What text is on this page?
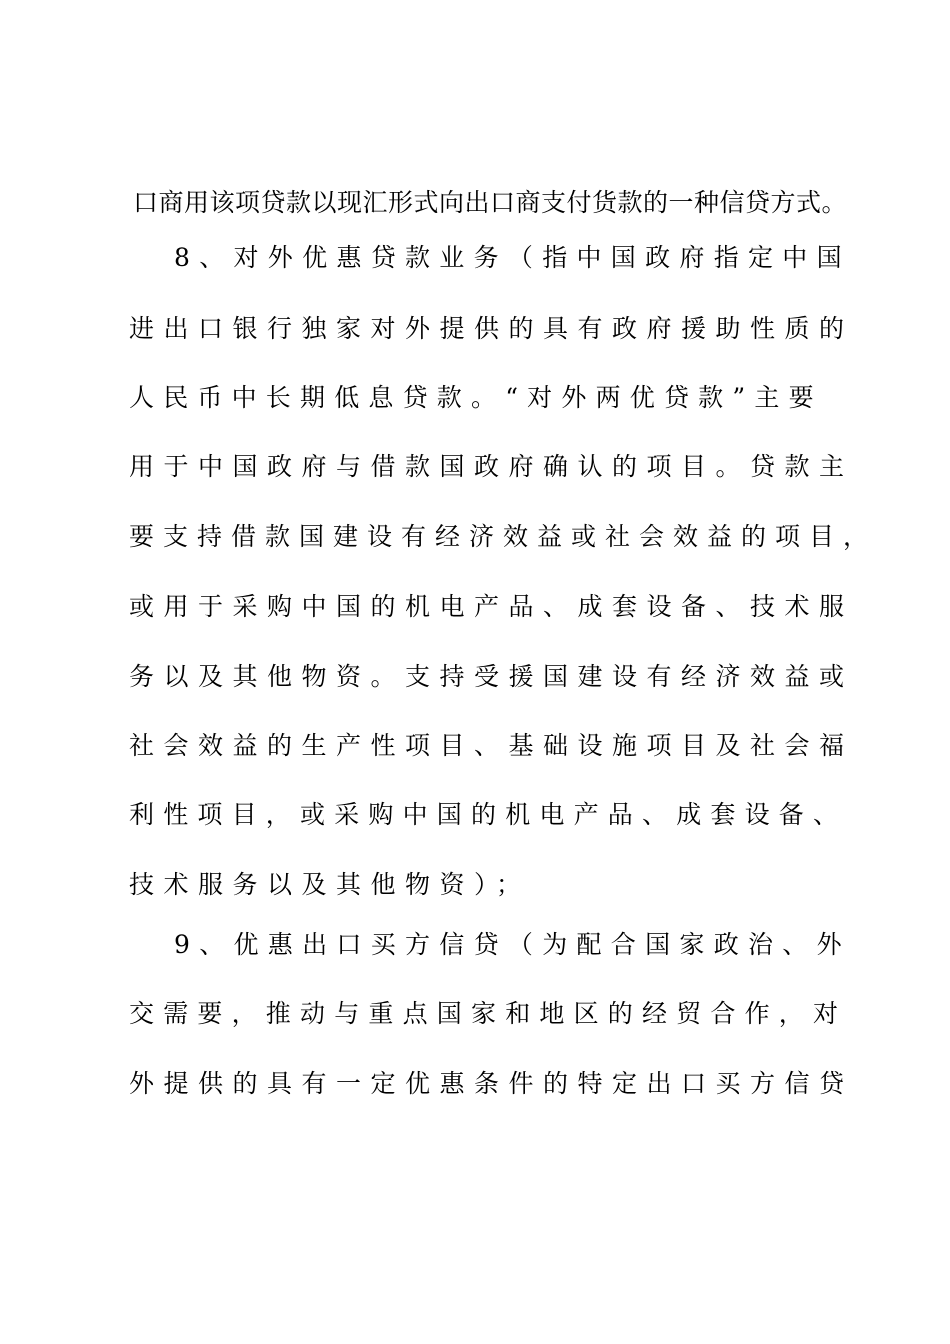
口商用该项贷款以现汇形式向出口商支付货款的一种信贷方式。
8、对外优惠贷款业务（指中国政府指定中国
进出口银行独家对外提供的具有政府援助性质的
人民币中长期低息贷款。“对外两优贷款”主要
用于中国政府与借款国政府确认的项目。贷款主
要支持借款国建设有经济效益或社会效益的项目，
或用于采购中国的机电产品、成套设备、技术服
务以及其他物资。支持受援国建设有经济效益或
社会效益的生产性项目、基础设施项目及社会福
利性项目，或采购中国的机电产品、成套设备、
技术服务以及其他物资）；
9、优惠出口买方信贷（为配合国家政治、外
交需要，推动与重点国家和地区的经贸合作，对
外提供的具有一定优惠条件的特定出口买方信贷
